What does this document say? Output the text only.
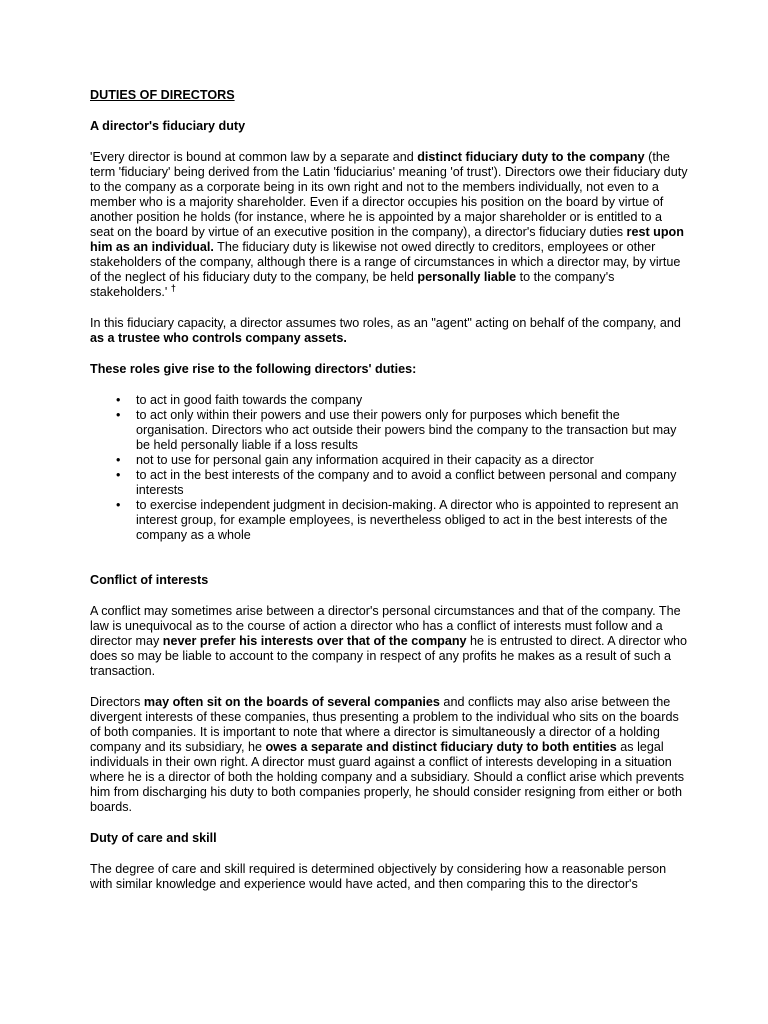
DUTIES OF DIRECTORS
A director's fiduciary duty

'Every director is bound at common law by a separate and distinct fiduciary duty to the company (the term 'fiduciary' being derived from the Latin 'fiduciarius' meaning 'of trust'). Directors owe their fiduciary duty to the company as a corporate being in its own right and not to the members individually, not even to a member who is a majority shareholder. Even if a director occupies his position on the board by virtue of another position he holds (for instance, where he is appointed by a major shareholder or is entitled to a seat on the board by virtue of an executive position in the company), a director's fiduciary duties rest upon him as an individual. The fiduciary duty is likewise not owed directly to creditors, employees or other stakeholders of the company, although there is a range of circumstances in which a director may, by virtue of the neglect of his fiduciary duty to the company, be held personally liable to the company's stakeholders.' †

In this fiduciary capacity, a director assumes two roles, as an "agent" acting on behalf of the company, and as a trustee who controls company assets.

These roles give rise to the following directors' duties:
• to act in good faith towards the company
• to act only within their powers and use their powers only for purposes which benefit the organisation. Directors who act outside their powers bind the company to the transaction but may be held personally liable if a loss results
• not to use for personal gain any information acquired in their capacity as a director
• to act in the best interests of the company and to avoid a conflict between personal and company interests
• to exercise independent judgment in decision-making. A director who is appointed to represent an interest group, for example employees, is nevertheless obliged to act in the best interests of the company as a whole
Conflict of interests

A conflict may sometimes arise between a director's personal circumstances and that of the company. The law is unequivocal as to the course of action a director who has a conflict of interests must follow and a director may never prefer his interests over that of the company he is entrusted to direct. A director who does so may be liable to account to the company in respect of any profits he makes as a result of such a transaction.

Directors may often sit on the boards of several companies and conflicts may also arise between the divergent interests of these companies, thus presenting a problem to the individual who sits on the boards of both companies. It is important to note that where a director is simultaneously a director of a holding company and its subsidiary, he owes a separate and distinct fiduciary duty to both entities as legal individuals in their own right. A director must guard against a conflict of interests developing in a situation where he is a director of both the holding company and a subsidiary. Should a conflict arise which prevents him from discharging his duty to both companies properly, he should consider resigning from either or both boards.

Duty of care and skill

The degree of care and skill required is determined objectively by considering how a reasonable person with similar knowledge and experience would have acted, and then comparing this to the director's
